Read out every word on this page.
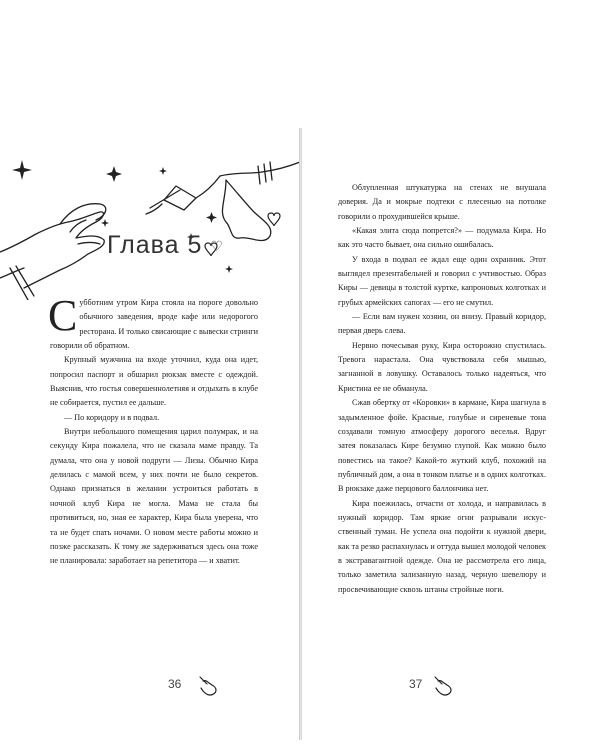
Глава 5 ♡

Субботним утром Кира стояла на пороге довольно обычного заведения, вроде кафе или недорогого ресторана. И только свисающие с вывески стринги говорили об обратном.

Крупный мужчина на входе уточнил, куда она идет, попросил паспорт и обшарил рюкзак вместе с одеждой. Выяснив, что гостья совершеннолетняя и отдыхать в клубе не собирается, пустил ее дальше.

— По коридору и в подвал.

Внутри небольшого помещения царил полумрак, и на секунду Кира пожалела, что не сказала маме правду. Та думала, что она у новой подруги — Лизы. Обычно Кира делилась с мамой всем, у них почти не было секретов. Однако признаться в желании устроиться работать в ночной клуб Кира не могла. Мама не стала бы противиться, но, зная ее характер, Кира была уверена, что та не будет спать ночами. О новом месте работы можно и позже рассказать. К тому же задерживаться здесь она тоже не планировала: заработает на репетитора — и хватит.

36

Облупленная штукатурка на стенах не внушала доверия. Да и мокрые подтеки с плесенью на потолке говорили о прохудившейся крыше.

«Какая элита сюда попрется?» — подумала Кира. Но как это часто бывает, она сильно ошибалась.

У входа в подвал ее ждал еще один охранник. Этот выглядел презентабельней и говорил с учтивостью. Образ Киры — девицы в толстой куртке, капроновых колготках и грубых армейских сапогах — его не смутил.

— Если вам нужен хозяин, он внизу. Правый коридор, первая дверь слева.

Нервно почесывая руку, Кира осторожно спустилась. Тревога нарастала. Она чувствовала себя мышью, загнанной в ловушку. Оставалось только надеяться, что Кристина ее не обманула.

Сжав обертку от «Коровки» в кармане, Кира шагнула в задымленное фойе. Красные, голубые и сиреневые тона создавали томную атмосферу дорогого веселья. Вдруг затея показалась Кире безумно глупой. Как можно было повестись на такое? Какой-то жуткий клуб, похожий на публичный дом, а она в тонком платье и в одних колготках. В рюкзаке даже перцового баллончика нет.

Кира поежилась, отчасти от холода, и направилась в нужный коридор. Там яркие огни разрывали искусственный туман. Не успела она подойти к нужной двери, как та резко распахнулась и оттуда вышел молодой человек в экстравагантной одежде. Она не рассмотрела его лица, только заметила зализанную назад, черную шевелюру и просвечивающие сквозь штаны стройные ноги.

37
